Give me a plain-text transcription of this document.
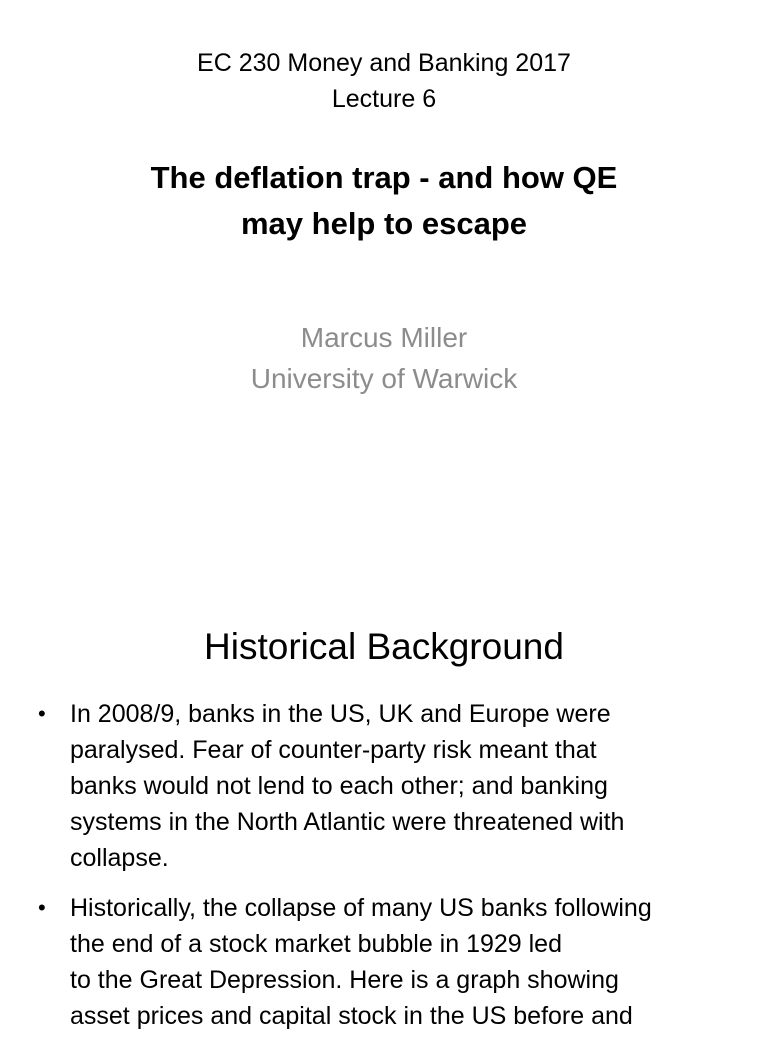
EC 230 Money and Banking 2017
Lecture 6
The deflation trap - and how QE
may help to escape
Marcus Miller
University of Warwick
Historical Background
• In 2008/9, banks in the US, UK and Europe were
paralysed. Fear of counter-party risk meant that
banks would not lend to each other; and banking
systems in the North Atlantic were threatened with
collapse.
• Historically, the collapse of many US banks following
the end of a stock market bubble in 1929 led
to the Great Depression. Here is a graph showing
asset prices and capital stock in the US before and
